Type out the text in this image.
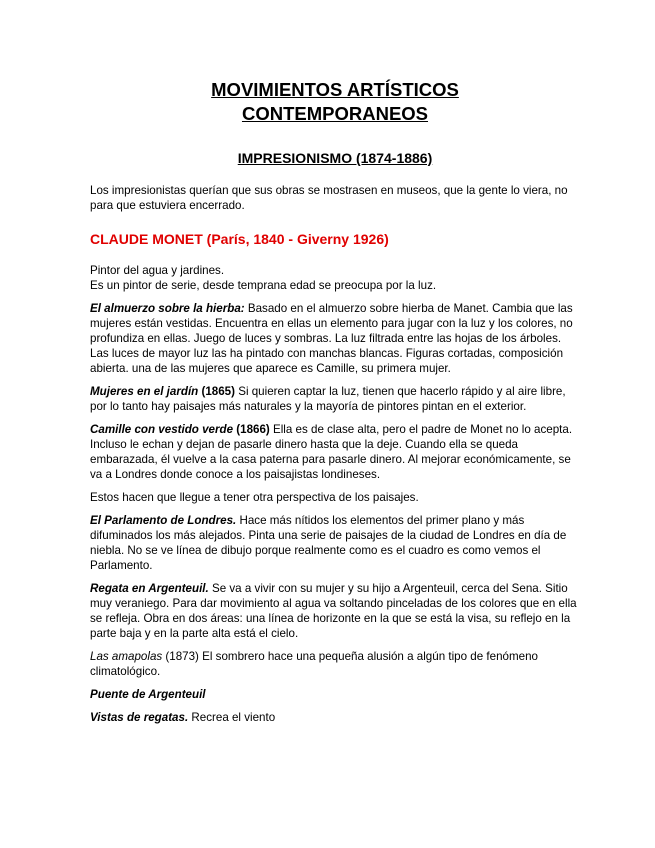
MOVIMIENTOS ARTÍSTICOS
CONTEMPORANEOS
IMPRESIONISMO (1874-1886)

Los impresionistas querían que sus obras se mostrasen en museos, que la gente lo viera, no para que estuviera encerrado.

CLAUDE MONET (París, 1840 - Giverny 1926)

Pintor del agua y jardines.

Es un pintor de serie, desde temprana edad se preocupa por la luz.

El almuerzo sobre la hierba: Basado en el almuerzo sobre hierba de Manet. Cambia que las mujeres están vestidas. Encuentra en ellas un elemento para jugar con la luz y los colores, no profundiza en ellas. Juego de luces y sombras. La luz filtrada entre las hojas de los árboles. Las luces de mayor luz las ha pintado con manchas blancas. Figuras cortadas, composición abierta. una de las mujeres que aparece es Camille, su primera mujer.

Mujeres en el jardín (1865) Si quieren captar la luz, tienen que hacerlo rápido y al aire libre, por lo tanto hay paisajes más naturales y la mayoría de pintores pintan en el exterior.

Camille con vestido verde (1866) Ella es de clase alta, pero el padre de Monet no lo acepta. Incluso le echan y dejan de pasarle dinero hasta que la deje. Cuando ella se queda embarazada, él vuelve a la casa paterna para pasarle dinero. Al mejorar económicamente, se va a Londres donde conoce a los paisajistas londineses.

Estos hacen que llegue a tener otra perspectiva de los paisajes.

El Parlamento de Londres. Hace más nítidos los elementos del primer plano y más difuminados los más alejados. Pinta una serie de paisajes de la ciudad de Londres en día de niebla. No se ve línea de dibujo porque realmente como es el cuadro es como vemos el Parlamento.

Regata en Argenteuil. Se va a vivir con su mujer y su hijo a Argenteuil, cerca del Sena. Sitio muy veraniego. Para dar movimiento al agua va soltando pinceladas de los colores que en ella se refleja. Obra en dos áreas: una línea de horizonte en la que se está la visa, su reflejo en la parte baja y en la parte alta está el cielo.

Las amapolas (1873) El sombrero hace una pequeña alusión a algún tipo de fenómeno climatológico.

Puente de Argenteuil

Vistas de regatas. Recrea el viento
